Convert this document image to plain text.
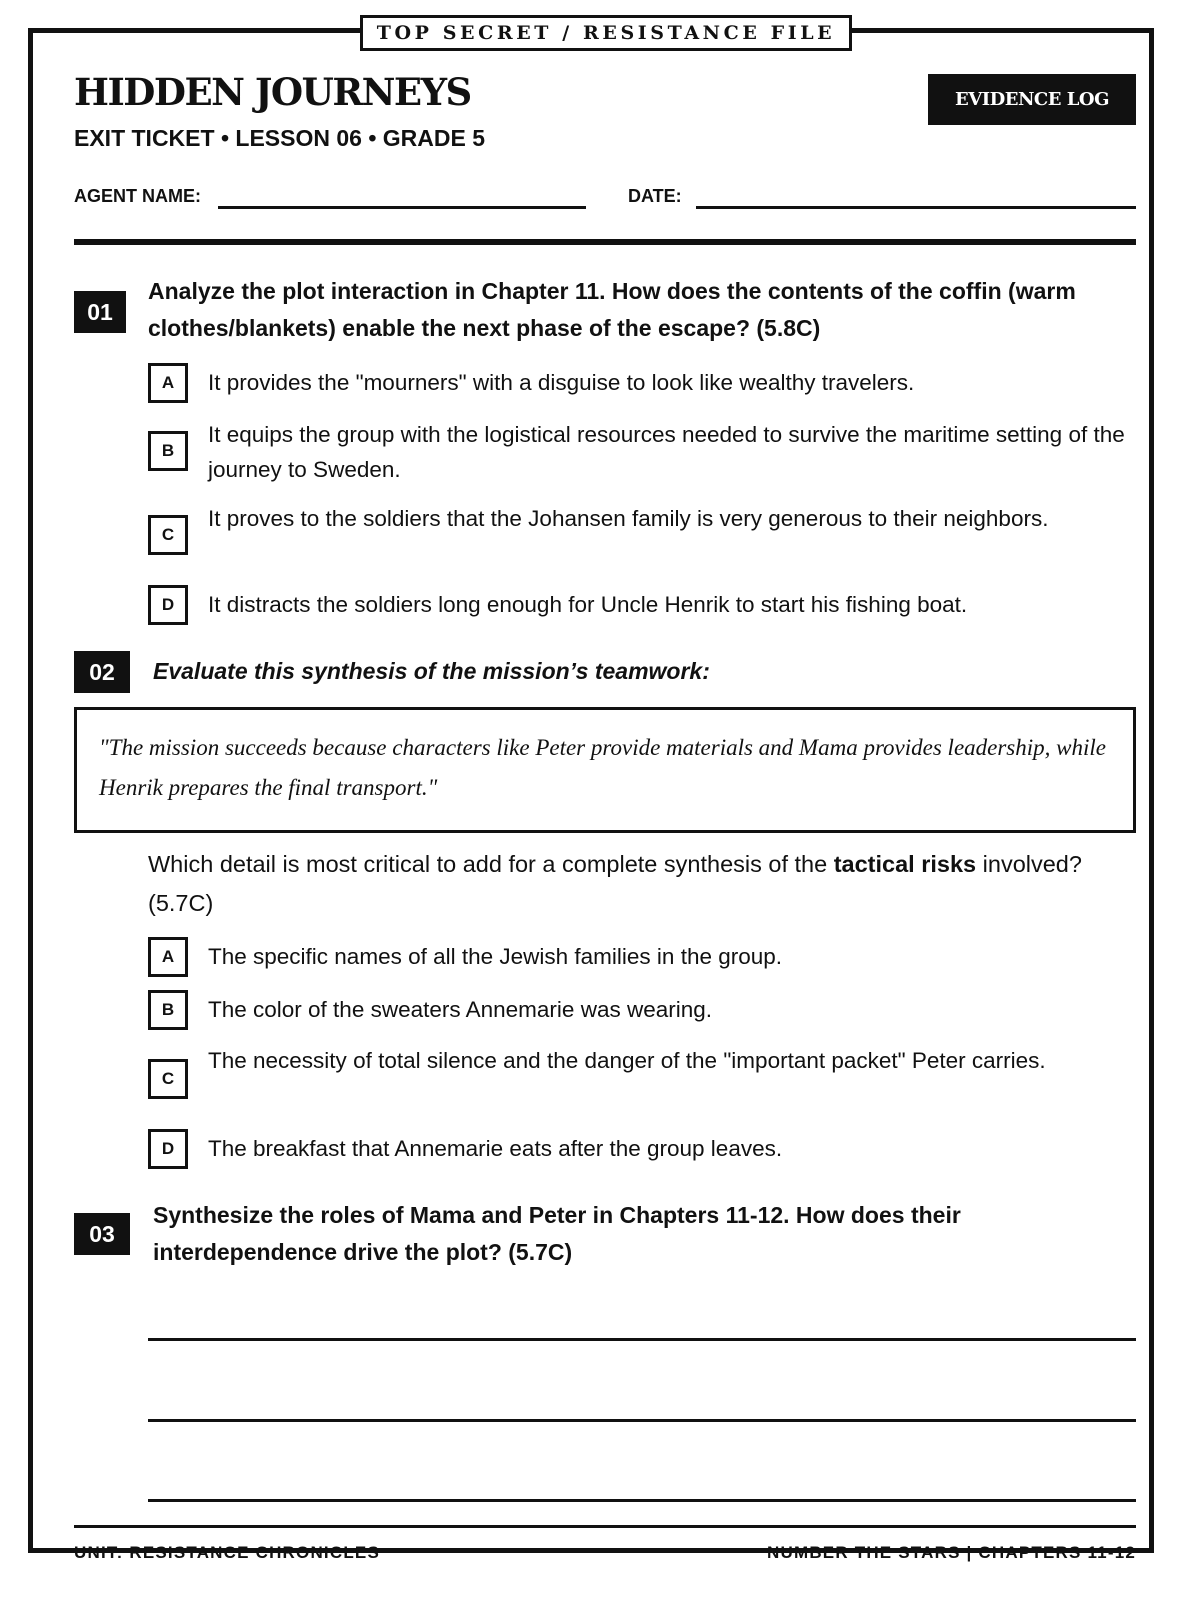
TOP SECRET / RESISTANCE FILE
HIDDEN JOURNEYS
EXIT TICKET • LESSON 06 • GRADE 5
EVIDENCE LOG
AGENT NAME:	DATE:
01
Analyze the plot interaction in Chapter 11. How does the contents of the coffin (warm clothes/blankets) enable the next phase of the escape? (5.8C)
A	It provides the "mourners" with a disguise to look like wealthy travelers.
B
It equips the group with the logistical resources needed to survive the maritime setting of the journey to Sweden.
C
It proves to the soldiers that the Johansen family is very generous to their neighbors.
D	It distracts the soldiers long enough for Uncle Henrik to start his fishing boat.
02	Evaluate this synthesis of the mission’s teamwork:
"The mission succeeds because characters like Peter provide materials and Mama provides leadership, while Henrik prepares the final transport."
Which detail is most critical to add for a complete synthesis of the tactical risks involved? (5.7C)
A	The specific names of all the Jewish families in the group.
B	The color of the sweaters Annemarie was wearing.
C
The necessity of total silence and the danger of the "important packet" Peter carries.
D	The breakfast that Annemarie eats after the group leaves.
03
Synthesize the roles of Mama and Peter in Chapters 11-12. How does their interdependence drive the plot? (5.7C)
UNIT: RESISTANCE CHRONICLES	NUMBER THE STARS | CHAPTERS 11-12
